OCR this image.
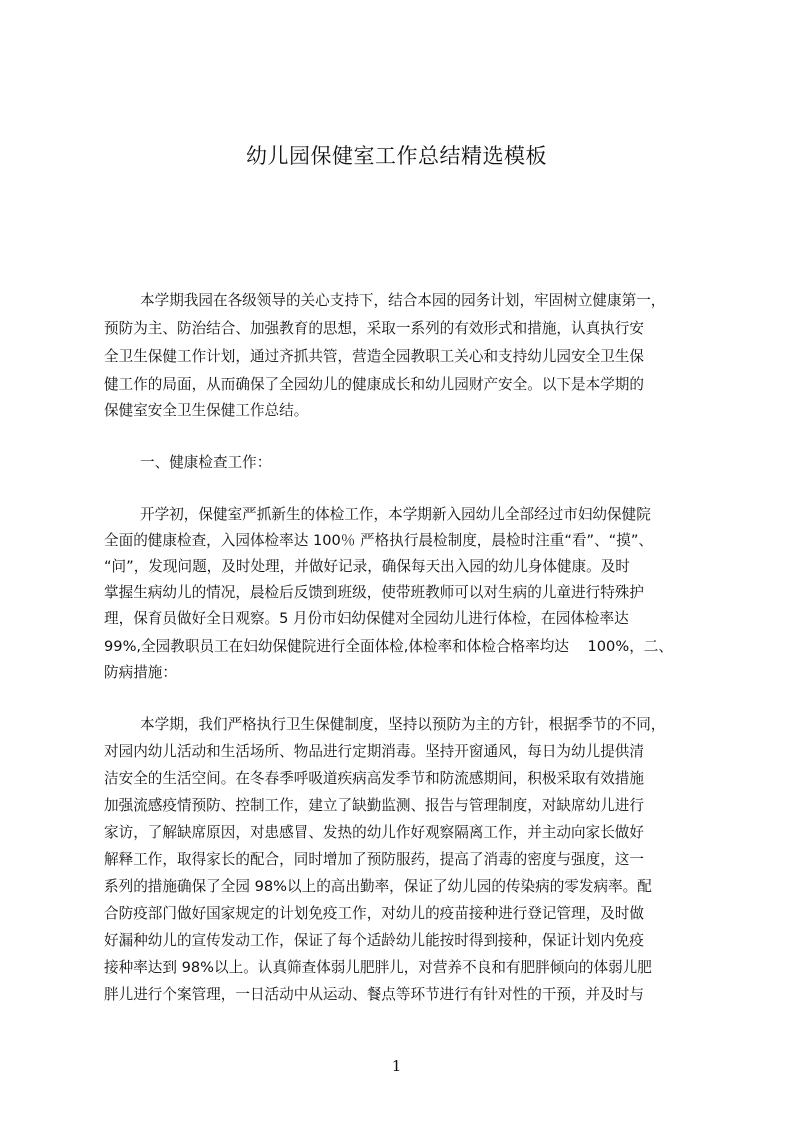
幼儿园保健室工作总结精选模板
本学期我园在各级领导的关心支持下，结合本园的园务计划，牢固树立健康第一，
预防为主、防治结合、加强教育的思想，采取一系列的有效形式和措施，认真执行安
全卫生保健工作计划，通过齐抓共管，营造全园教职工关心和支持幼儿园安全卫生保
健工作的局面，从而确保了全园幼儿的健康成长和幼儿园财产安全。以下是本学期的
保健室安全卫生保健工作总结。
一、健康检查工作：
开学初，保健室严抓新生的体检工作，本学期新入园幼儿全部经过市妇幼保健院
全面的健康检查，入园体检率达 100％ 严格执行晨检制度，晨检时注重“看”、“摸”、
“问”，发现问题，及时处理，并做好记录，确保每天出入园的幼儿身体健康。及时
掌握生病幼儿的情况，晨检后反馈到班级，使带班教师可以对生病的儿童进行特殊护
理，保育员做好全日观察。5 月份市妇幼保健对全园幼儿进行体检，在园体检率达
99%,全园教职员工在妇幼保健院进行全面体检,体检率和体检合格率均达    100%，二、
防病措施：
本学期，我们严格执行卫生保健制度，坚持以预防为主的方针，根据季节的不同，
对园内幼儿活动和生活场所、物品进行定期消毒。坚持开窗通风，每日为幼儿提供清
洁安全的生活空间。在冬春季呼吸道疾病高发季节和防流感期间，积极采取有效措施
加强流感疫情预防、控制工作，建立了缺勤监测、报告与管理制度，对缺席幼儿进行
家访，了解缺席原因，对患感冒、发热的幼儿作好观察隔离工作，并主动向家长做好
解释工作，取得家长的配合，同时增加了预防服药，提高了消毒的密度与强度，这一
系列的措施确保了全园 98%以上的高出勤率，保证了幼儿园的传染病的零发病率。配
合防疫部门做好国家规定的计划免疫工作，对幼儿的疫苗接种进行登记管理，及时做
好漏种幼儿的宣传发动工作，保证了每个适龄幼儿能按时得到接种，保证计划内免疫
接种率达到 98%以上。认真筛查体弱儿肥胖儿，对营养不良和有肥胖倾向的体弱儿肥
胖儿进行个案管理，一日活动中从运动、餐点等环节进行有针对性的干预，并及时与
1
